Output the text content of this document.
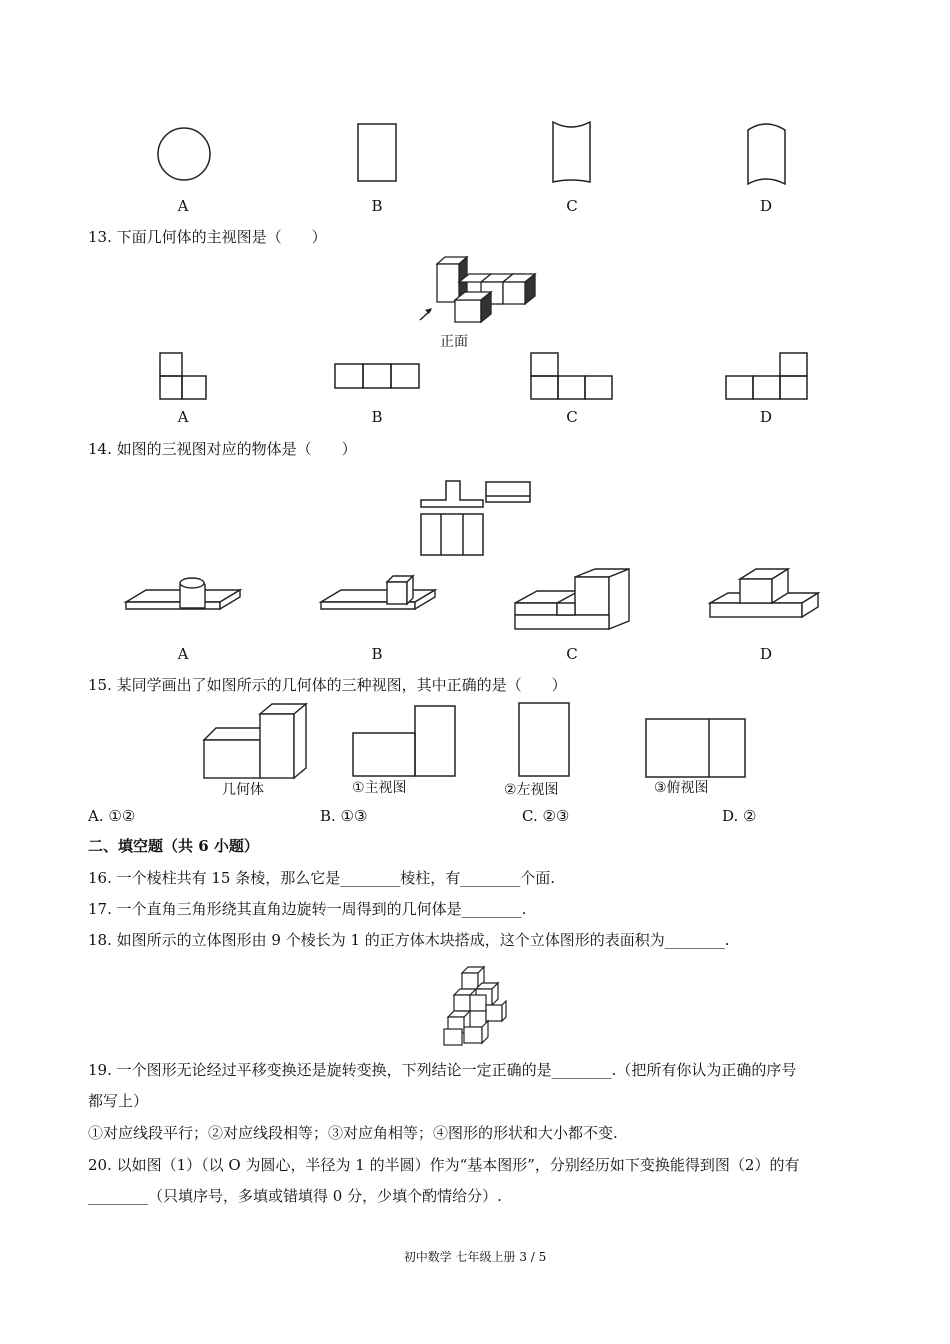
A	B	C	D
13. 下面几何体的主视图是（　　）
正面
A	B	C	D
14. 如图的三视图对应的物体是（　　）
A	B	C	D
15. 某同学画出了如图所示的几何体的三种视图，其中正确的是（　　）
几何体	①主视图	②左视图	③俯视图
A. ①②	B. ①③	C. ②③	D. ②
二、填空题（共 6 小题）
16. 一个棱柱共有 15 条棱，那么它是________棱柱，有________个面.
17. 一个直角三角形绕其直角边旋转一周得到的几何体是________.
18. 如图所示的立体图形由 9 个棱长为 1 的正方体木块搭成，这个立体图形的表面积为________.
19. 一个图形无论经过平移变换还是旋转变换，下列结论一定正确的是________.（把所有你认为正确的序号
都写上）
①对应线段平行；②对应线段相等；③对应角相等；④图形的形状和大小都不变.
20. 以如图（1）（以 O 为圆心，半径为 1 的半圆）作为“基本图形”，分别经历如下变换能得到图（2）的有
________（只填序号，多填或错填得 0 分，少填个酌情给分）.
初中数学 七年级上册 3 / 5
